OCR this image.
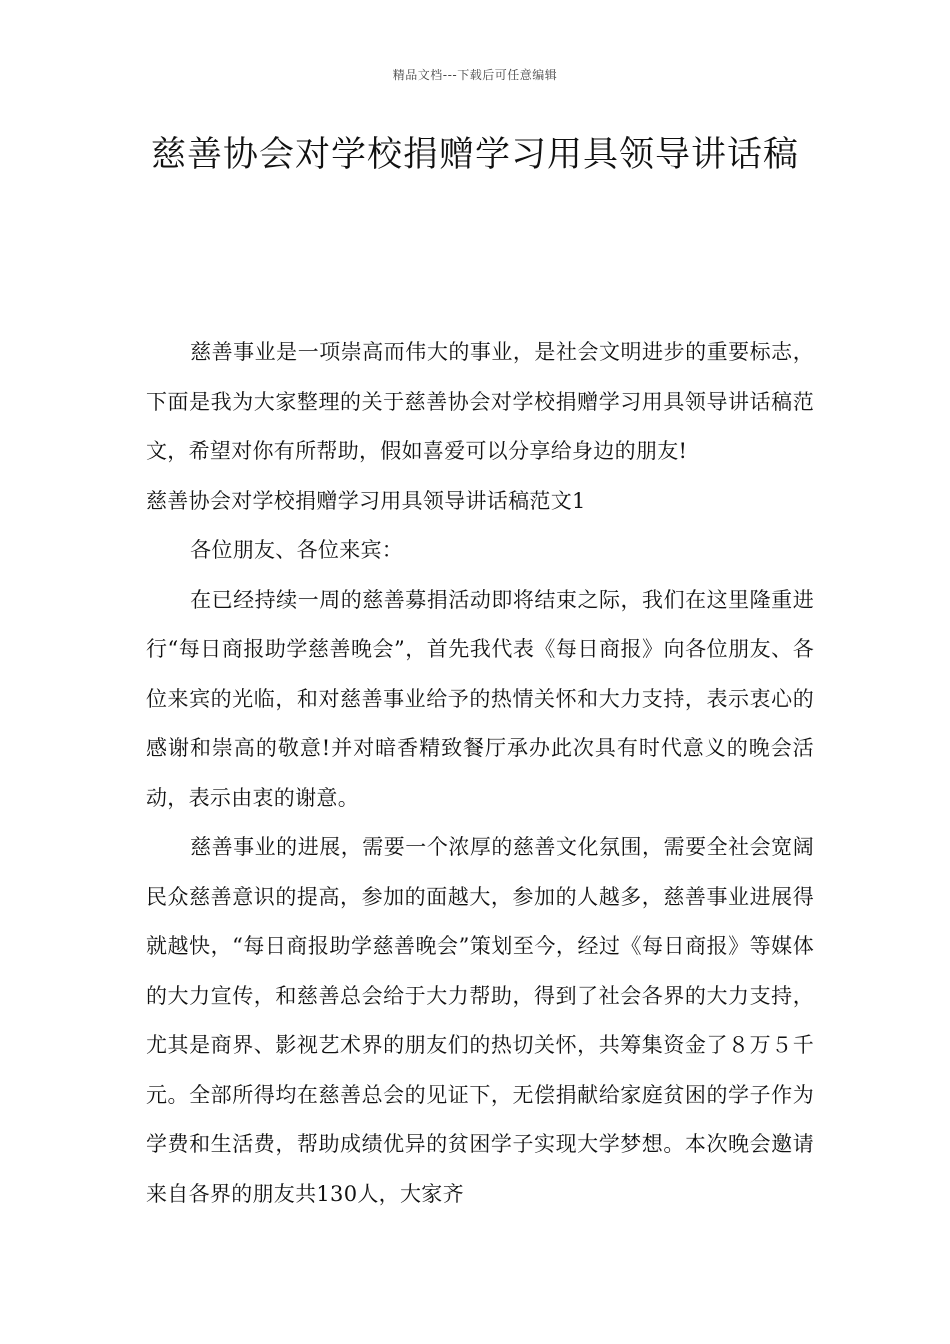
精品文档---下载后可任意编辑
慈善协会对学校捐赠学习用具领导讲话稿

慈善事业是一项崇高而伟大的事业，是社会文明进步的重要标志，下面是我为大家整理的关于慈善协会对学校捐赠学习用具领导讲话稿范文，希望对你有所帮助，假如喜爱可以分享给身边的朋友!

慈善协会对学校捐赠学习用具领导讲话稿范文1

各位朋友、各位来宾：

在已经持续一周的慈善募捐活动即将结束之际，我们在这里隆重进行“每日商报助学慈善晚会”，首先我代表《每日商报》向各位朋友、各位来宾的光临，和对慈善事业给予的热情关怀和大力支持，表示衷心的感谢和崇高的敬意!并对暗香精致餐厅承办此次具有时代意义的晚会活动，表示由衷的谢意。

慈善事业的进展，需要一个浓厚的慈善文化氛围，需要全社会宽阔民众慈善意识的提高，参加的面越大，参加的人越多，慈善事业进展得就越快，“每日商报助学慈善晚会”策划至今，经过《每日商报》等媒体的大力宣传，和慈善总会给于大力帮助，得到了社会各界的大力支持，尤其是商界、影视艺术界的朋友们的热切关怀，共筹集资金了８万５千元。全部所得均在慈善总会的见证下，无偿捐献给家庭贫困的学子作为学费和生活费，帮助成绩优异的贫困学子实现大学梦想。本次晚会邀请来自各界的朋友共130人，大家齐
